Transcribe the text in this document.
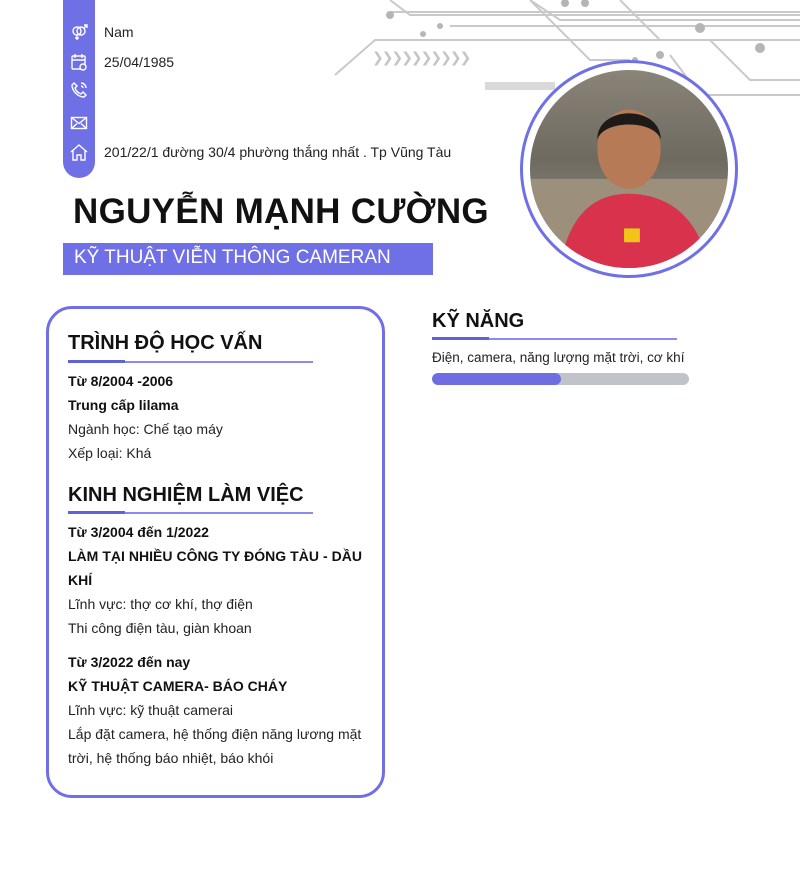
❯❯❯❯❯❯❯❯❯❯
Nam
25/04/1985
201/22/1 đường 30/4 phường thắng nhất . Tp Vũng Tàu
NGUYỄN MẠNH CƯỜNG
KỸ THUẬT VIỄN THÔNG CAMERAN
TRÌNH ĐỘ HỌC VẤN
Từ 8/2004 -2006
Trung cấp lilama
Ngành học: Chế tạo máy
Xếp loại: Khá
KINH NGHIỆM LÀM VIỆC
Từ 3/2004 đến 1/2022
LÀM TẠI NHIỀU CÔNG TY ĐÓNG TÀU - DẦU
KHÍ
Lĩnh vực: thợ cơ khí, thợ điện
Thi công điện tàu, giàn khoan
Từ 3/2022 đến nay
KỸ THUẬT CAMERA- BÁO CHÁY
Lĩnh vực: kỹ thuật camerai
Lắp đặt camera, hệ thống điện năng lương mặt
trời, hệ thống báo nhiệt, báo khói
KỸ NĂNG
Điện, camera, năng lượng mặt trời, cơ khí
